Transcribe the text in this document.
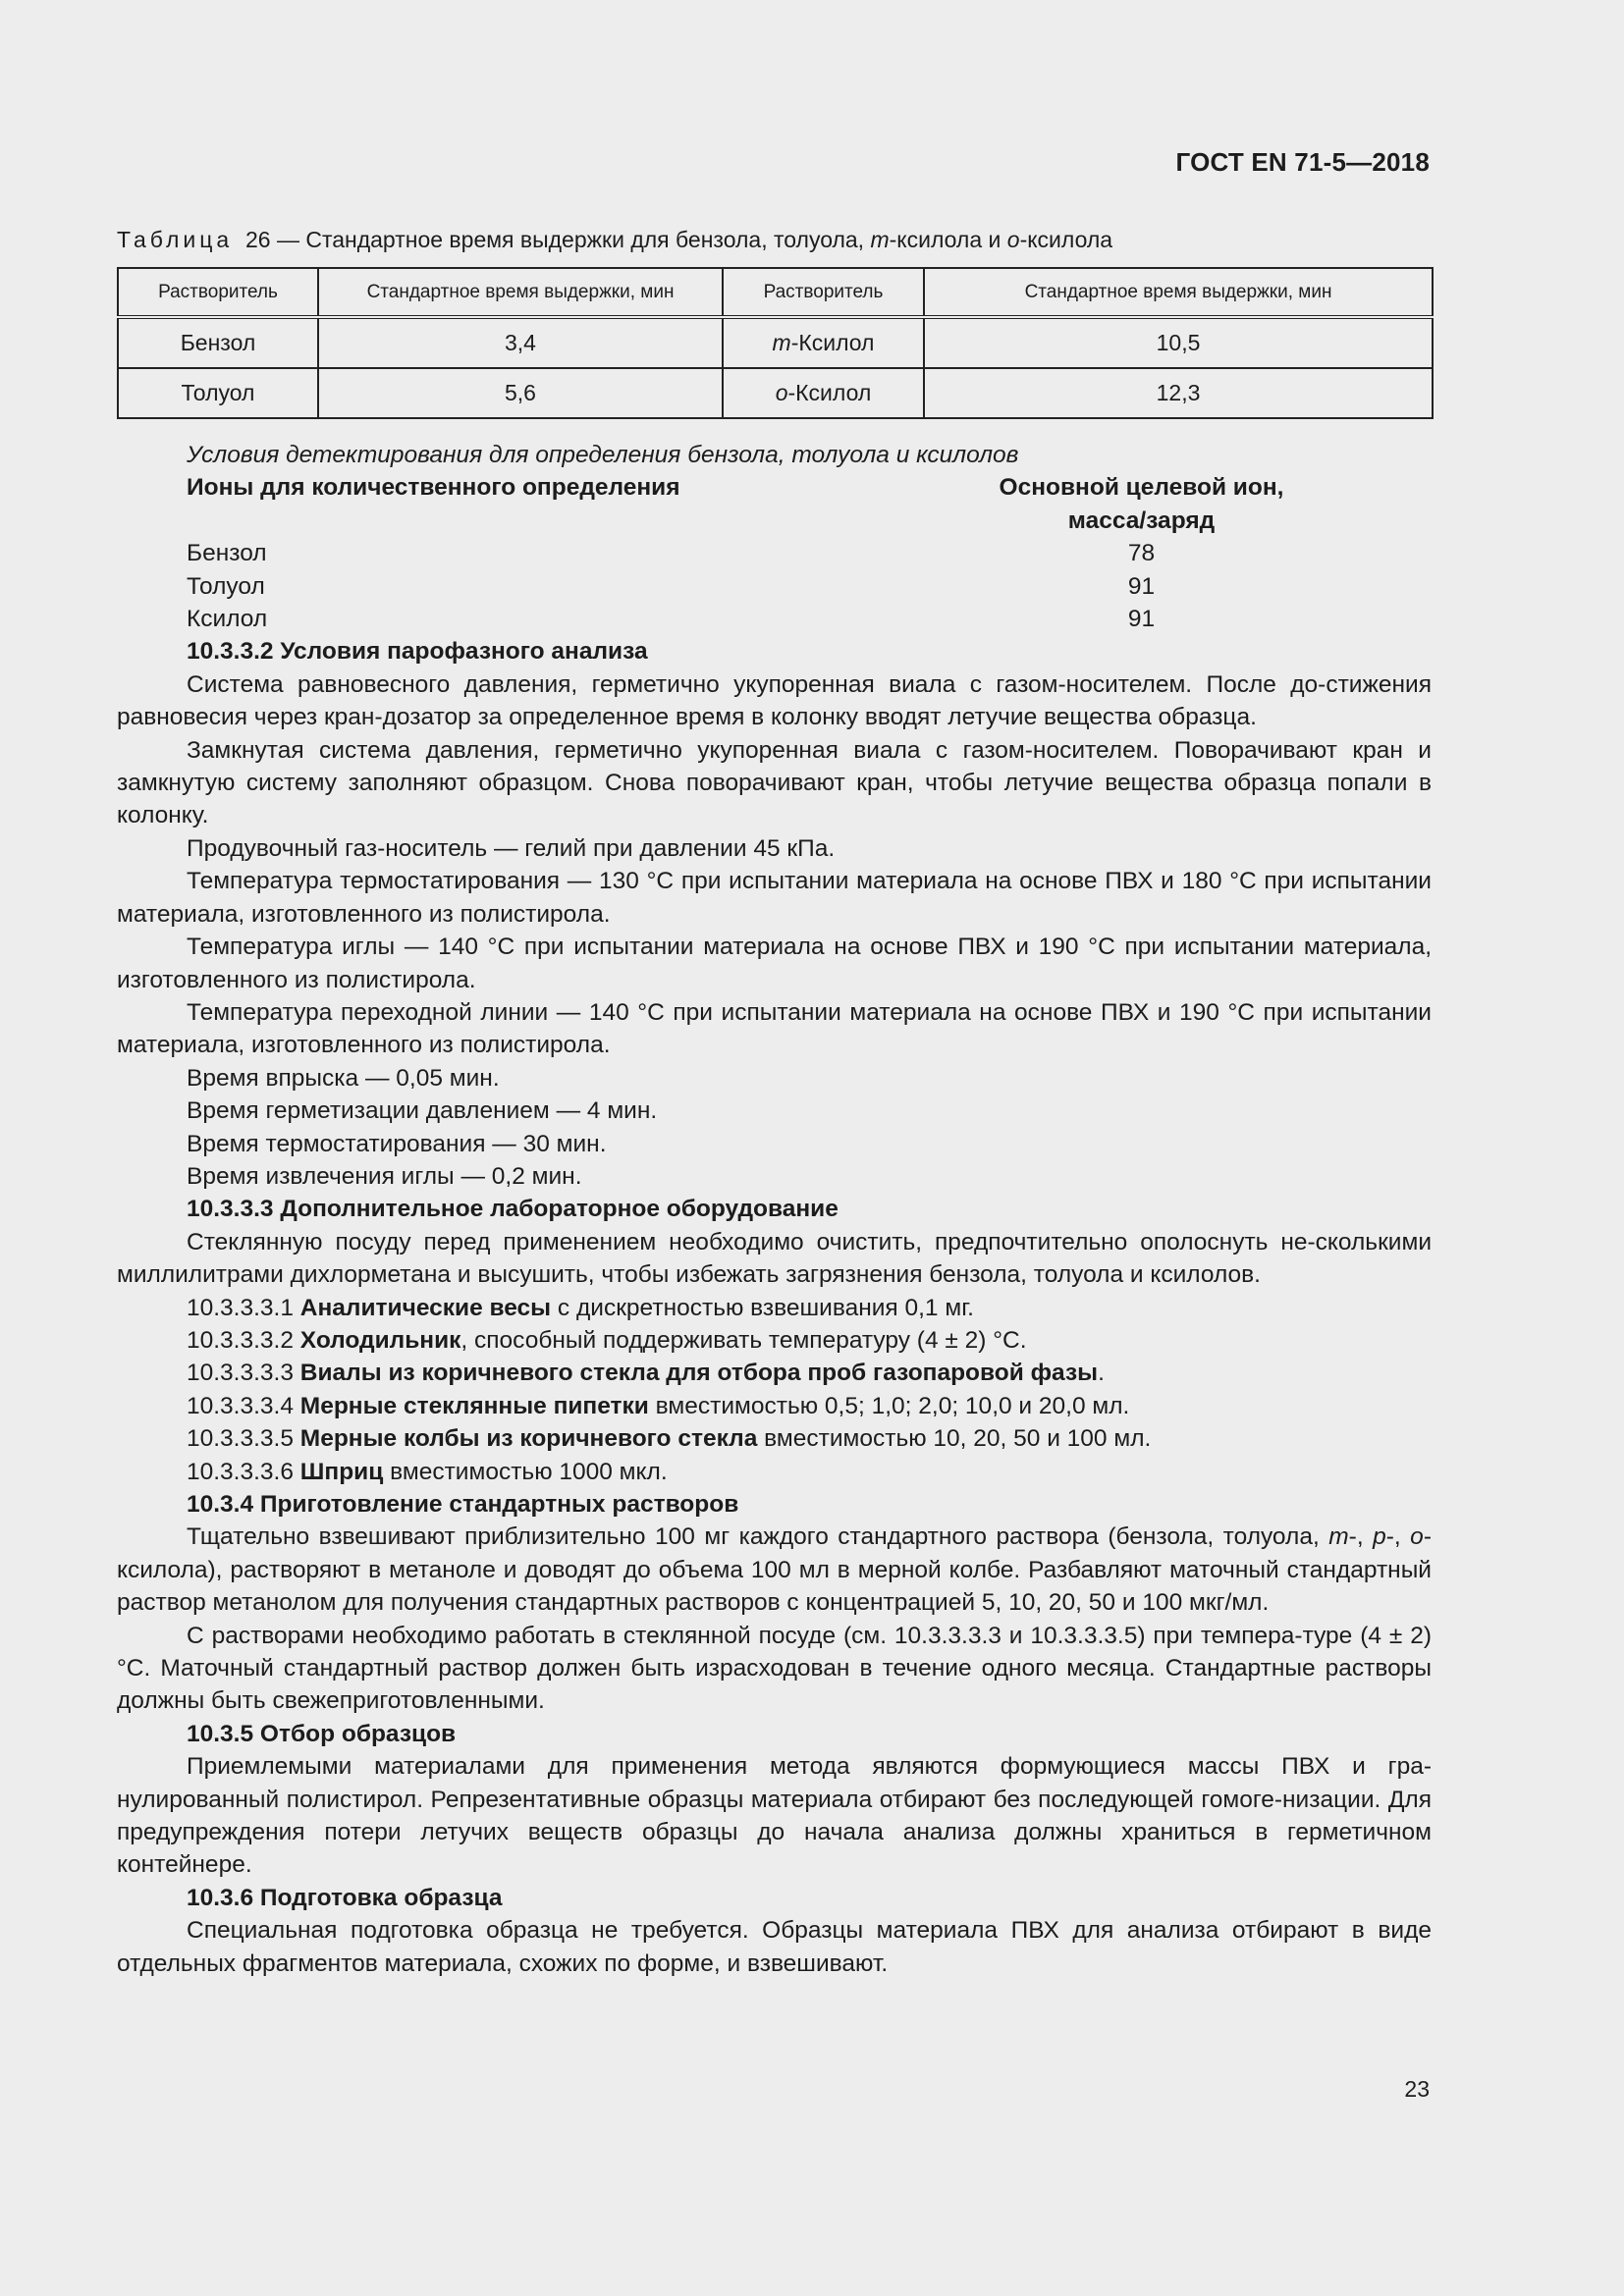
ГОСТ EN 71-5—2018
Таблица 26 — Стандартное время выдержки для бензола, толуола, m-ксилола и o-ксилола
Растворитель	Стандартное время выдержки, мин	Растворитель	Стандартное время выдержки, мин
Бензол	3,4	m-Ксилол	10,5
Толуол	5,6	o-Ксилол	12,3

Условия детектирования для определения бензола, толуола и ксилолов

Ионы для количественного определения	Основной целевой ион, масса/заряд
Бензол	78
Толуол	91
Ксилол	91

10.3.3.2 Условия парофазного анализа

Система равновесного давления, герметично укупоренная виала с газом-носителем. После до-стижения равновесия через кран-дозатор за определенное время в колонку вводят летучие вещества образца.

Замкнутая система давления, герметично укупоренная виала с газом-носителем. Поворачивают кран и замкнутую систему заполняют образцом. Снова поворачивают кран, чтобы летучие вещества образца попали в колонку.

Продувочный газ-носитель — гелий при давлении 45 кПа.

Температура термостатирования — 130 °С при испытании материала на основе ПВХ и 180 °С при испытании материала, изготовленного из полистирола.

Температура иглы — 140 °С при испытании материала на основе ПВХ и 190 °С при испытании материала, изготовленного из полистирола.

Температура переходной линии — 140 °С при испытании материала на основе ПВХ и 190 °С при испытании материала, изготовленного из полистирола.

Время впрыска — 0,05 мин.

Время герметизации давлением — 4 мин.

Время термостатирования — 30 мин.

Время извлечения иглы — 0,2 мин.

10.3.3.3 Дополнительное лабораторное оборудование

Стеклянную посуду перед применением необходимо очистить, предпочтительно ополоснуть не-сколькими миллилитрами дихлорметана и высушить, чтобы избежать загрязнения бензола, толуола и ксилолов.

10.3.3.3.1 Аналитические весы с дискретностью взвешивания 0,1 мг.

10.3.3.3.2 Холодильник, способный поддерживать температуру (4 ± 2) °С.

10.3.3.3.3 Виалы из коричневого стекла для отбора проб газопаровой фазы.

10.3.3.3.4 Мерные стеклянные пипетки вместимостью 0,5; 1,0; 2,0; 10,0 и 20,0 мл.

10.3.3.3.5 Мерные колбы из коричневого стекла вместимостью 10, 20, 50 и 100 мл.

10.3.3.3.6 Шприц вместимостью 1000 мкл.

10.3.4 Приготовление стандартных растворов

Тщательно взвешивают приблизительно 100 мг каждого стандартного раствора (бензола, толуола, m-, p-, o-ксилола), растворяют в метаноле и доводят до объема 100 мл в мерной колбе. Разбавляют маточный стандартный раствор метанолом для получения стандартных растворов с концентрацией 5, 10, 20, 50 и 100 мкг/мл.

С растворами необходимо работать в стеклянной посуде (см. 10.3.3.3.3 и 10.3.3.3.5) при темпера-туре (4 ± 2) °С. Маточный стандартный раствор должен быть израсходован в течение одного месяца. Стандартные растворы должны быть свежеприготовленными.

10.3.5 Отбор образцов

Приемлемыми материалами для применения метода являются формующиеся массы ПВХ и гра-нулированный полистирол. Репрезентативные образцы материала отбирают без последующей гомоге-низации. Для предупреждения потери летучих веществ образцы до начала анализа должны храниться в герметичном контейнере.

10.3.6 Подготовка образца

Специальная подготовка образца не требуется. Образцы материала ПВХ для анализа отбирают в виде отдельных фрагментов материала, схожих по форме, и взвешивают.

23
